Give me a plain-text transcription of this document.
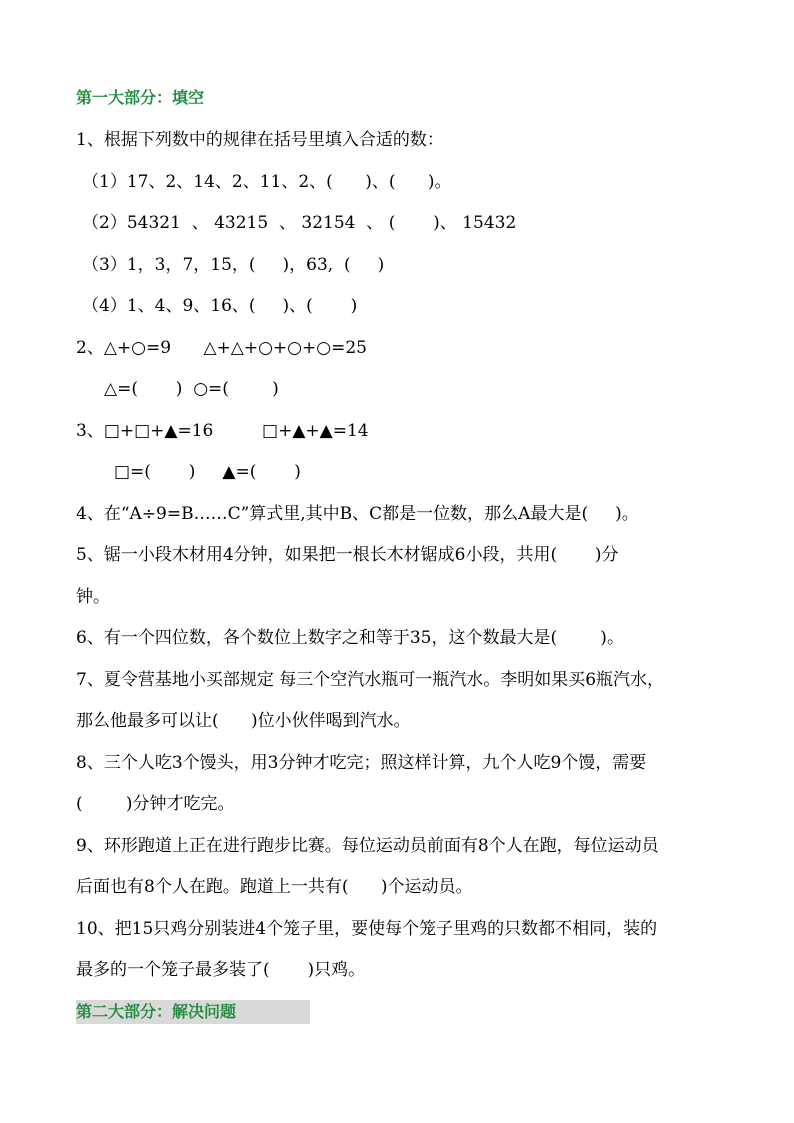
第一大部分：填空
1、根据下列数中的规律在括号里填入合适的数：
（1）17、2、14、2、11、2、(      )、(      )。
（2）54321  、 43215  、 32154  、 (       )、 15432
（3）1，3，7，15，(     )，63,  (     )
（4）1、4、9、16、(     )、(       )
2、△+○=9      △+△+○+○+○=25
△=(       )  ○=(        )
3、□+□+▲=16         □+▲+▲=14
□=(       )     ▲=(       )
4、在“A÷9=B……C”算式里,其中B、C都是一位数，那么A最大是(     )。
5、锯一小段木材用4分钟，如果把一根长木材锯成6小段，共用(       )分
钟。
6、有一个四位数，各个数位上数字之和等于35，这个数最大是(        )。
7、夏令营基地小买部规定 每三个空汽水瓶可一瓶汽水。李明如果买6瓶汽水，
那么他最多可以让(      )位小伙伴喝到汽水。
8、三个人吃3个馒头，用3分钟才吃完；照这样计算，九个人吃9个馒，需要
(        )分钟才吃完。
9、环形跑道上正在进行跑步比赛。每位运动员前面有8个人在跑，每位运动员
后面也有8个人在跑。跑道上一共有(      )个运动员。
10、把15只鸡分别装进4个笼子里，要使每个笼子里鸡的只数都不相同，装的
最多的一个笼子最多装了(       )只鸡。
第二大部分：解决问题
